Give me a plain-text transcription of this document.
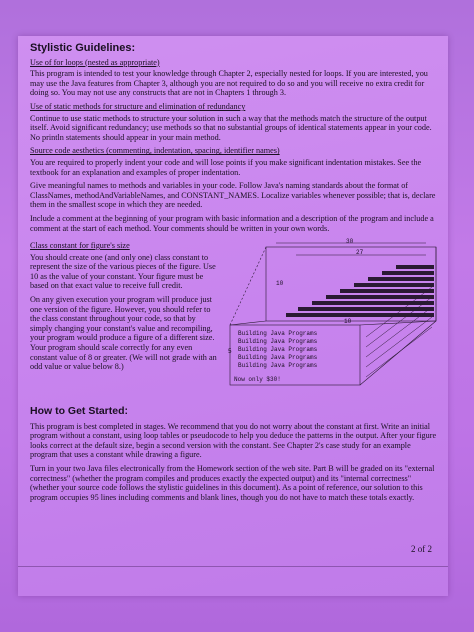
Stylistic Guidelines:
Use of for loops (nested as appropriate)

This program is intended to test your knowledge through Chapter 2, especially nested for loops. If you are interested, you may use the Java features from Chapter 3, although you are not required to do so and you will receive no extra credit for doing so. You may not use any constructs that are not in Chapters 1 through 3.

Use of static methods for structure and elimination of redundancy

Continue to use static methods to structure your solution in such a way that the methods match the structure of the output itself. Avoid significant redundancy; use methods so that no substantial groups of identical statements appear in your code. No println statements should appear in your main method.

Source code aesthetics (commenting, indentation, spacing, identifier names)

You are required to properly indent your code and will lose points if you make significant indentation mistakes. See the textbook for an explanation and examples of proper indentation.

Give meaningful names to methods and variables in your code. Follow Java's naming standards about the format of ClassNames, methodAndVariableNames, and CONSTANT_NAMES. Localize variables whenever possible; that is, declare them in the smallest scope in which they are needed.

Include a comment at the beginning of your program with basic information and a description of the program and include a comment at the start of each method. Your comments should be written in your own words.

Class constant for figure's size

You should create one (and only one) class constant to represent the size of the various pieces of the figure. Use 10 as the value of your constant. Your figure must be based on that exact value to receive full credit.

On any given execution your program will produce just one version of the figure. However, you should refer to the class constant throughout your code, so that by simply changing your constant's value and recompiling, your program would produce a figure of a different size. Your program should scale correctly for any even constant value of 8 or greater. (We will not grade with an odd value or value below 8.)

30
27
10
5
10
Building Java Programs
Building Java Programs
Building Java Programs
Building Java Programs
Building Java Programs
Now only $30!
How to Get Started:

This program is best completed in stages. We recommend that you do not worry about the constant at first. Write an initial program without a constant, using loop tables or pseudocode to help you deduce the patterns in the output. After your figure looks correct at the default size, begin a second version with the constant. See Chapter 2's case study for an example program that uses a constant while drawing a figure.

Turn in your two Java files electronically from the Homework section of the web site. Part B will be graded on its "external correctness" (whether the program compiles and produces exactly the expected output) and its "internal correctness" (whether your source code follows the stylistic guidelines in this document). As a point of reference, our solution to this program occupies 95 lines including comments and blank lines, though you do not have to match these totals exactly.

2 of 2
